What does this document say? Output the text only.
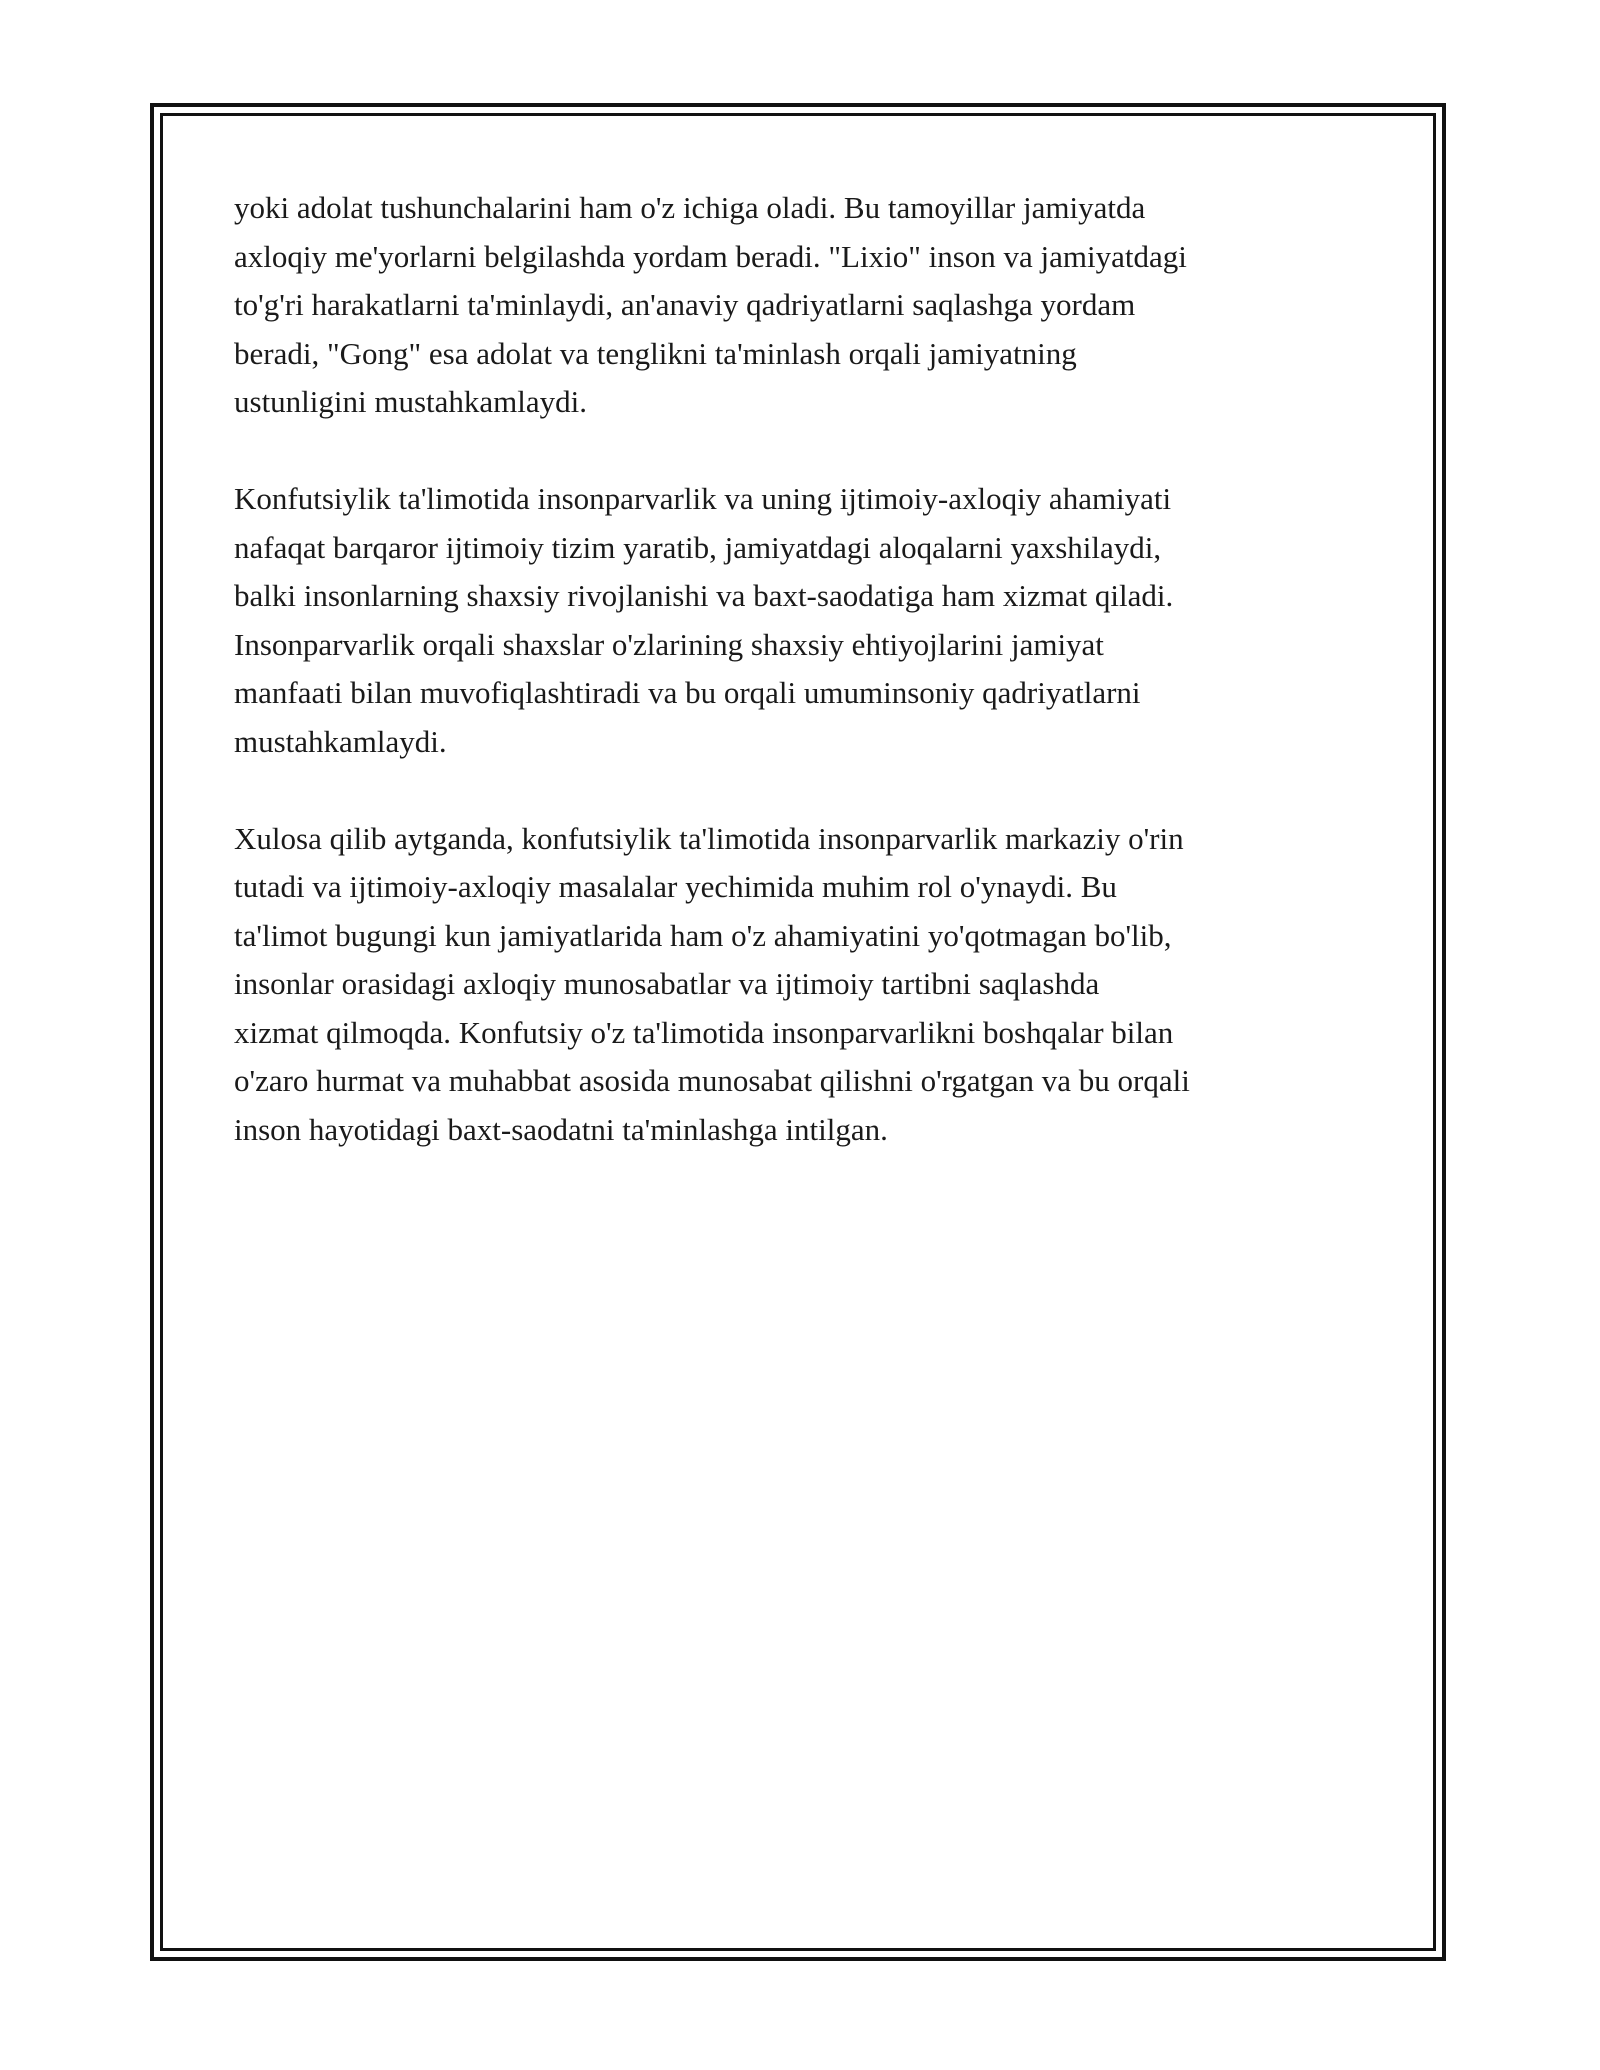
yoki adolat tushunchalarini ham o'z ichiga oladi. Bu tamoyillar jamiyatda
axloqiy me'yorlarni belgilashda yordam beradi. "Lixio" inson va jamiyatdagi
to'g'ri harakatlarni ta'minlaydi, an'anaviy qadriyatlarni saqlashga yordam
beradi, "Gong" esa adolat va tenglikni ta'minlash orqali jamiyatning
ustunligini mustahkamlaydi.

Konfutsiylik ta'limotida insonparvarlik va uning ijtimoiy-axloqiy ahamiyati
nafaqat barqaror ijtimoiy tizim yaratib, jamiyatdagi aloqalarni yaxshilaydi,
balki insonlarning shaxsiy rivojlanishi va baxt-saodatiga ham xizmat qiladi.
Insonparvarlik orqali shaxslar o'zlarining shaxsiy ehtiyojlarini jamiyat
manfaati bilan muvofiqlashtiradi va bu orqali umuminsoniy qadriyatlarni
mustahkamlaydi.

Xulosa qilib aytganda, konfutsiylik ta'limotida insonparvarlik markaziy o'rin
tutadi va ijtimoiy-axloqiy masalalar yechimida muhim rol o'ynaydi. Bu
ta'limot bugungi kun jamiyatlarida ham o'z ahamiyatini yo'qotmagan bo'lib,
insonlar orasidagi axloqiy munosabatlar va ijtimoiy tartibni saqlashda
xizmat qilmoqda. Konfutsiy o'z ta'limotida insonparvarlikni boshqalar bilan
o'zaro hurmat va muhabbat asosida munosabat qilishni o'rgatgan va bu orqali
inson hayotidagi baxt-saodatni ta'minlashga intilgan.
